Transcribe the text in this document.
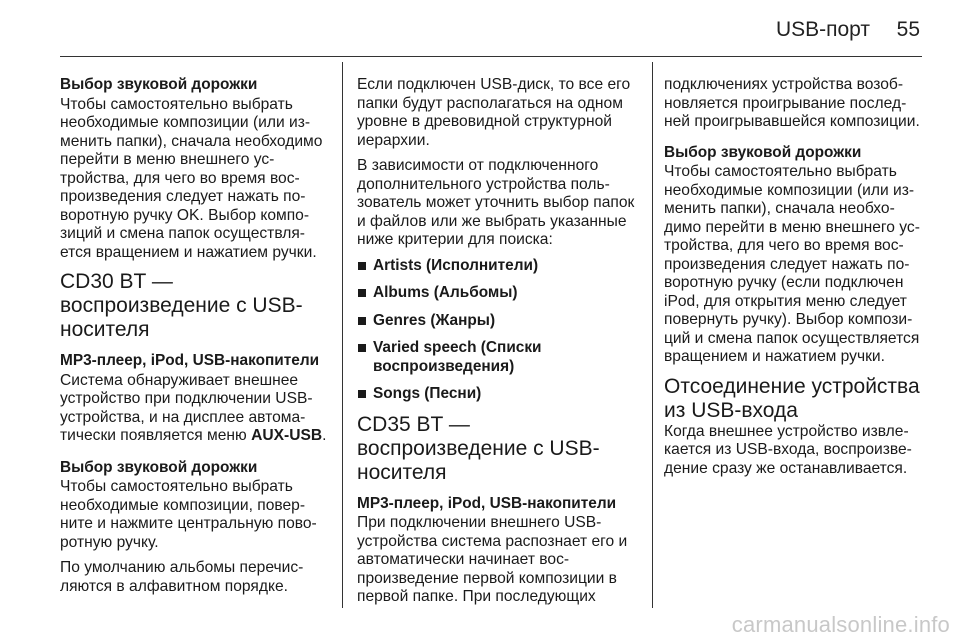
USB-порт	55
Выбор звуковой дорожки

Чтобы самостоятельно выбрать необходимые композиции (или изменить папки), сначала необходимо перейти в меню внешнего устройства, для чего во время воспроизведения следует нажать поворотную ручку OK. Выбор композиций и смена папок осуществляется вращением и нажатием ручки.

CD30 BT — воспроизведение с USB-носителя
MP3-плеер, iPod, USB-накопители

Система обнаруживает внешнее устройство при подключении USB-устройства, и на дисплее автоматически появляется меню AUX-USB.

Выбор звуковой дорожки

Чтобы самостоятельно выбрать необходимые композиции, поверните и нажмите центральную поворотную ручку.

По умолчанию альбомы перечисляются в алфавитном порядке.

Если подключен USB-диск, то все его папки будут располагаться на одном уровне в древовидной структурной иерархии.

В зависимости от подключенного дополнительного устройства пользователь может уточнить выбор папок и файлов или же выбрать указанные ниже критерии для поиска:

Artists (Исполнители)
Albums (Альбомы)
Genres (Жанры)
Varied speech (Списки воспроизведения)
Songs (Песни)
CD35 BT — воспроизведение с USB-носителя
MP3-плеер, iPod, USB-накопители

При подключении внешнего USB-устройства система распознает его и автоматически начинает воспроизведение первой композиции в первой папке. При последующих

подключениях устройства возобновляется проигрывание последней проигрывавшейся композиции.

Выбор звуковой дорожки

Чтобы самостоятельно выбрать необходимые композиции (или изменить папки), сначала необходимо перейти в меню внешнего устройства, для чего во время воспроизведения следует нажать поворотную ручку (если подключен iPod, для открытия меню следует повернуть ручку). Выбор композиций и смена папок осуществляется вращением и нажатием ручки.

Отсоединение устройства из USB-входа

Когда внешнее устройство извлекается из USB-входа, воспроизведение сразу же останавливается.

carmanualsonline.info
